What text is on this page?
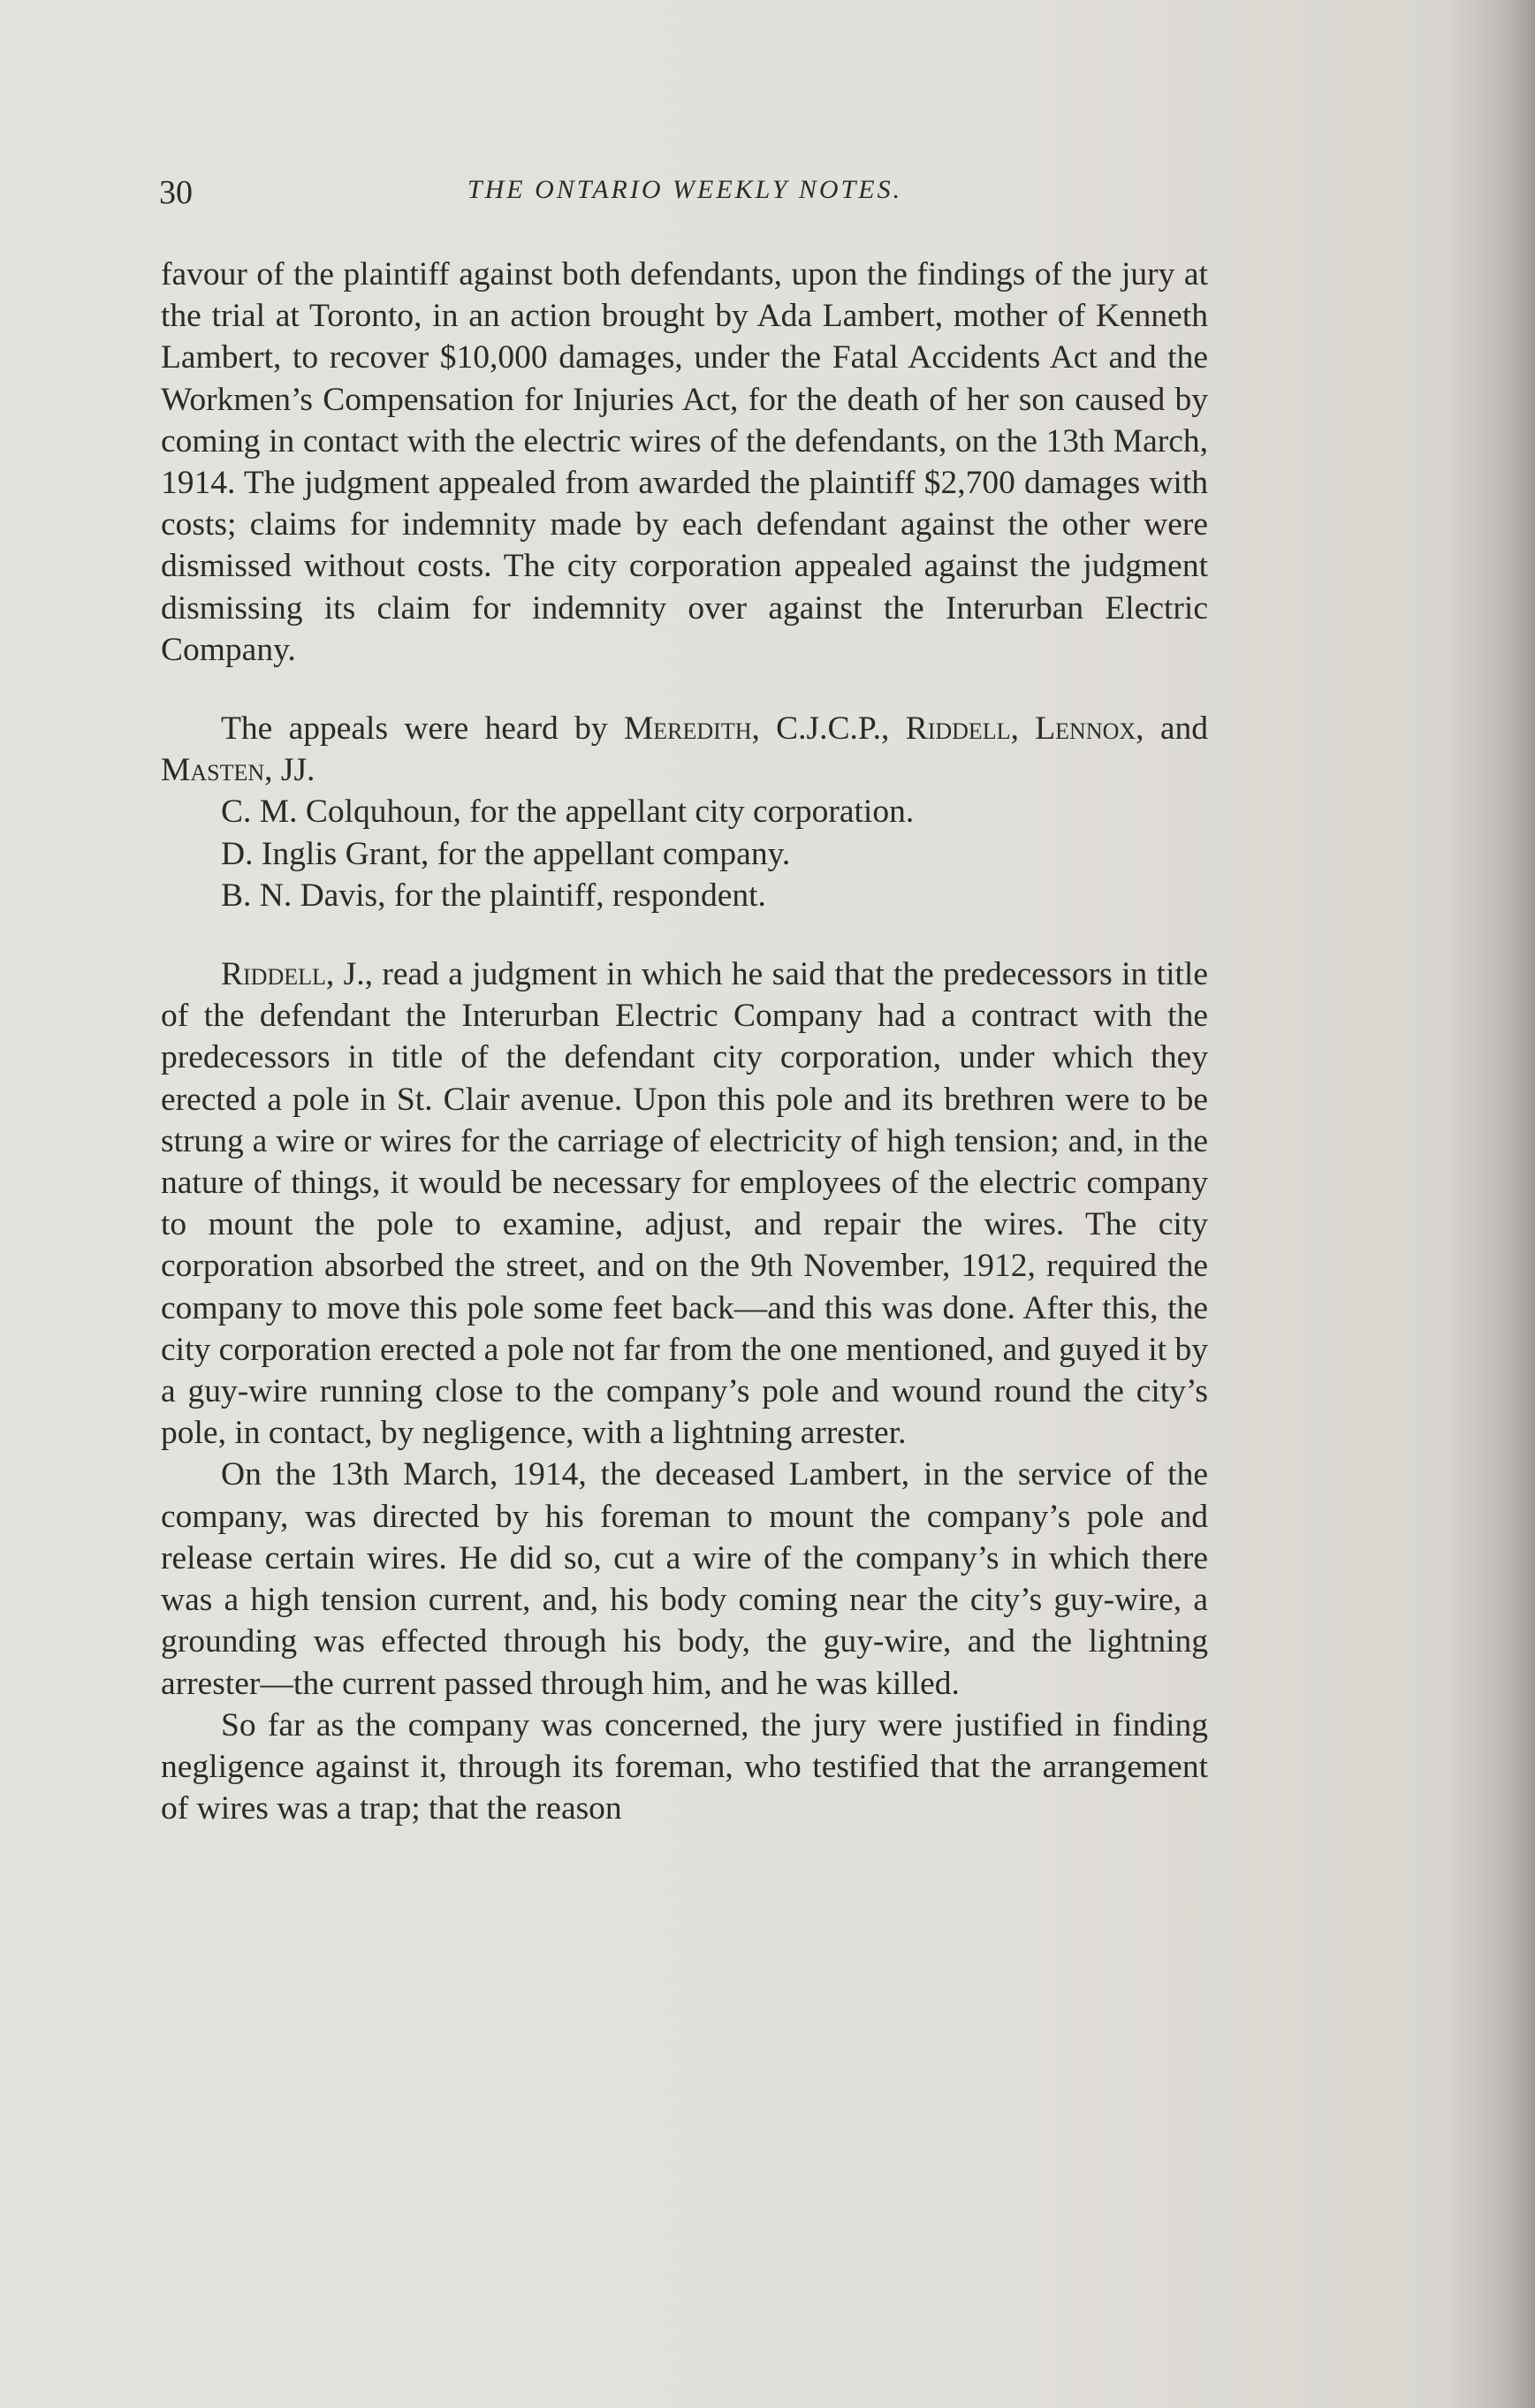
30	THE ONTARIO WEEKLY NOTES.

favour of the plaintiff against both defendants, upon the findings of the jury at the trial at Toronto, in an action brought by Ada Lambert, mother of Kenneth Lambert, to recover $10,000 damages, under the Fatal Accidents Act and the Workmen’s Compensation for Injuries Act, for the death of her son caused by coming in contact with the electric wires of the defendants, on the 13th March, 1914. The judgment appealed from awarded the plaintiff $2,700 damages with costs; claims for indemnity made by each defendant against the other were dismissed without costs. The city corporation appealed against the judgment dismissing its claim for indemnity over against the Interurban Electric Company.

The appeals were heard by Meredith, C.J.C.P., Riddell, Lennox, and Masten, JJ.

C. M. Colquhoun, for the appellant city corporation.

D. Inglis Grant, for the appellant company.

B. N. Davis, for the plaintiff, respondent.

Riddell, J., read a judgment in which he said that the predecessors in title of the defendant the Interurban Electric Company had a contract with the predecessors in title of the defendant city corporation, under which they erected a pole in St. Clair avenue. Upon this pole and its brethren were to be strung a wire or wires for the carriage of electricity of high tension; and, in the nature of things, it would be necessary for employees of the electric company to mount the pole to examine, adjust, and repair the wires. The city corporation absorbed the street, and on the 9th November, 1912, required the company to move this pole some feet back—and this was done. After this, the city corporation erected a pole not far from the one mentioned, and guyed it by a guy-wire running close to the company’s pole and wound round the city’s pole, in contact, by negligence, with a lightning arrester.

On the 13th March, 1914, the deceased Lambert, in the service of the company, was directed by his foreman to mount the company’s pole and release certain wires. He did so, cut a wire of the company’s in which there was a high tension current, and, his body coming near the city’s guy-wire, a grounding was effected through his body, the guy-wire, and the lightning arrester—the current passed through him, and he was killed.

So far as the company was concerned, the jury were justified in finding negligence against it, through its foreman, who testified that the arrangement of wires was a trap; that the reason
